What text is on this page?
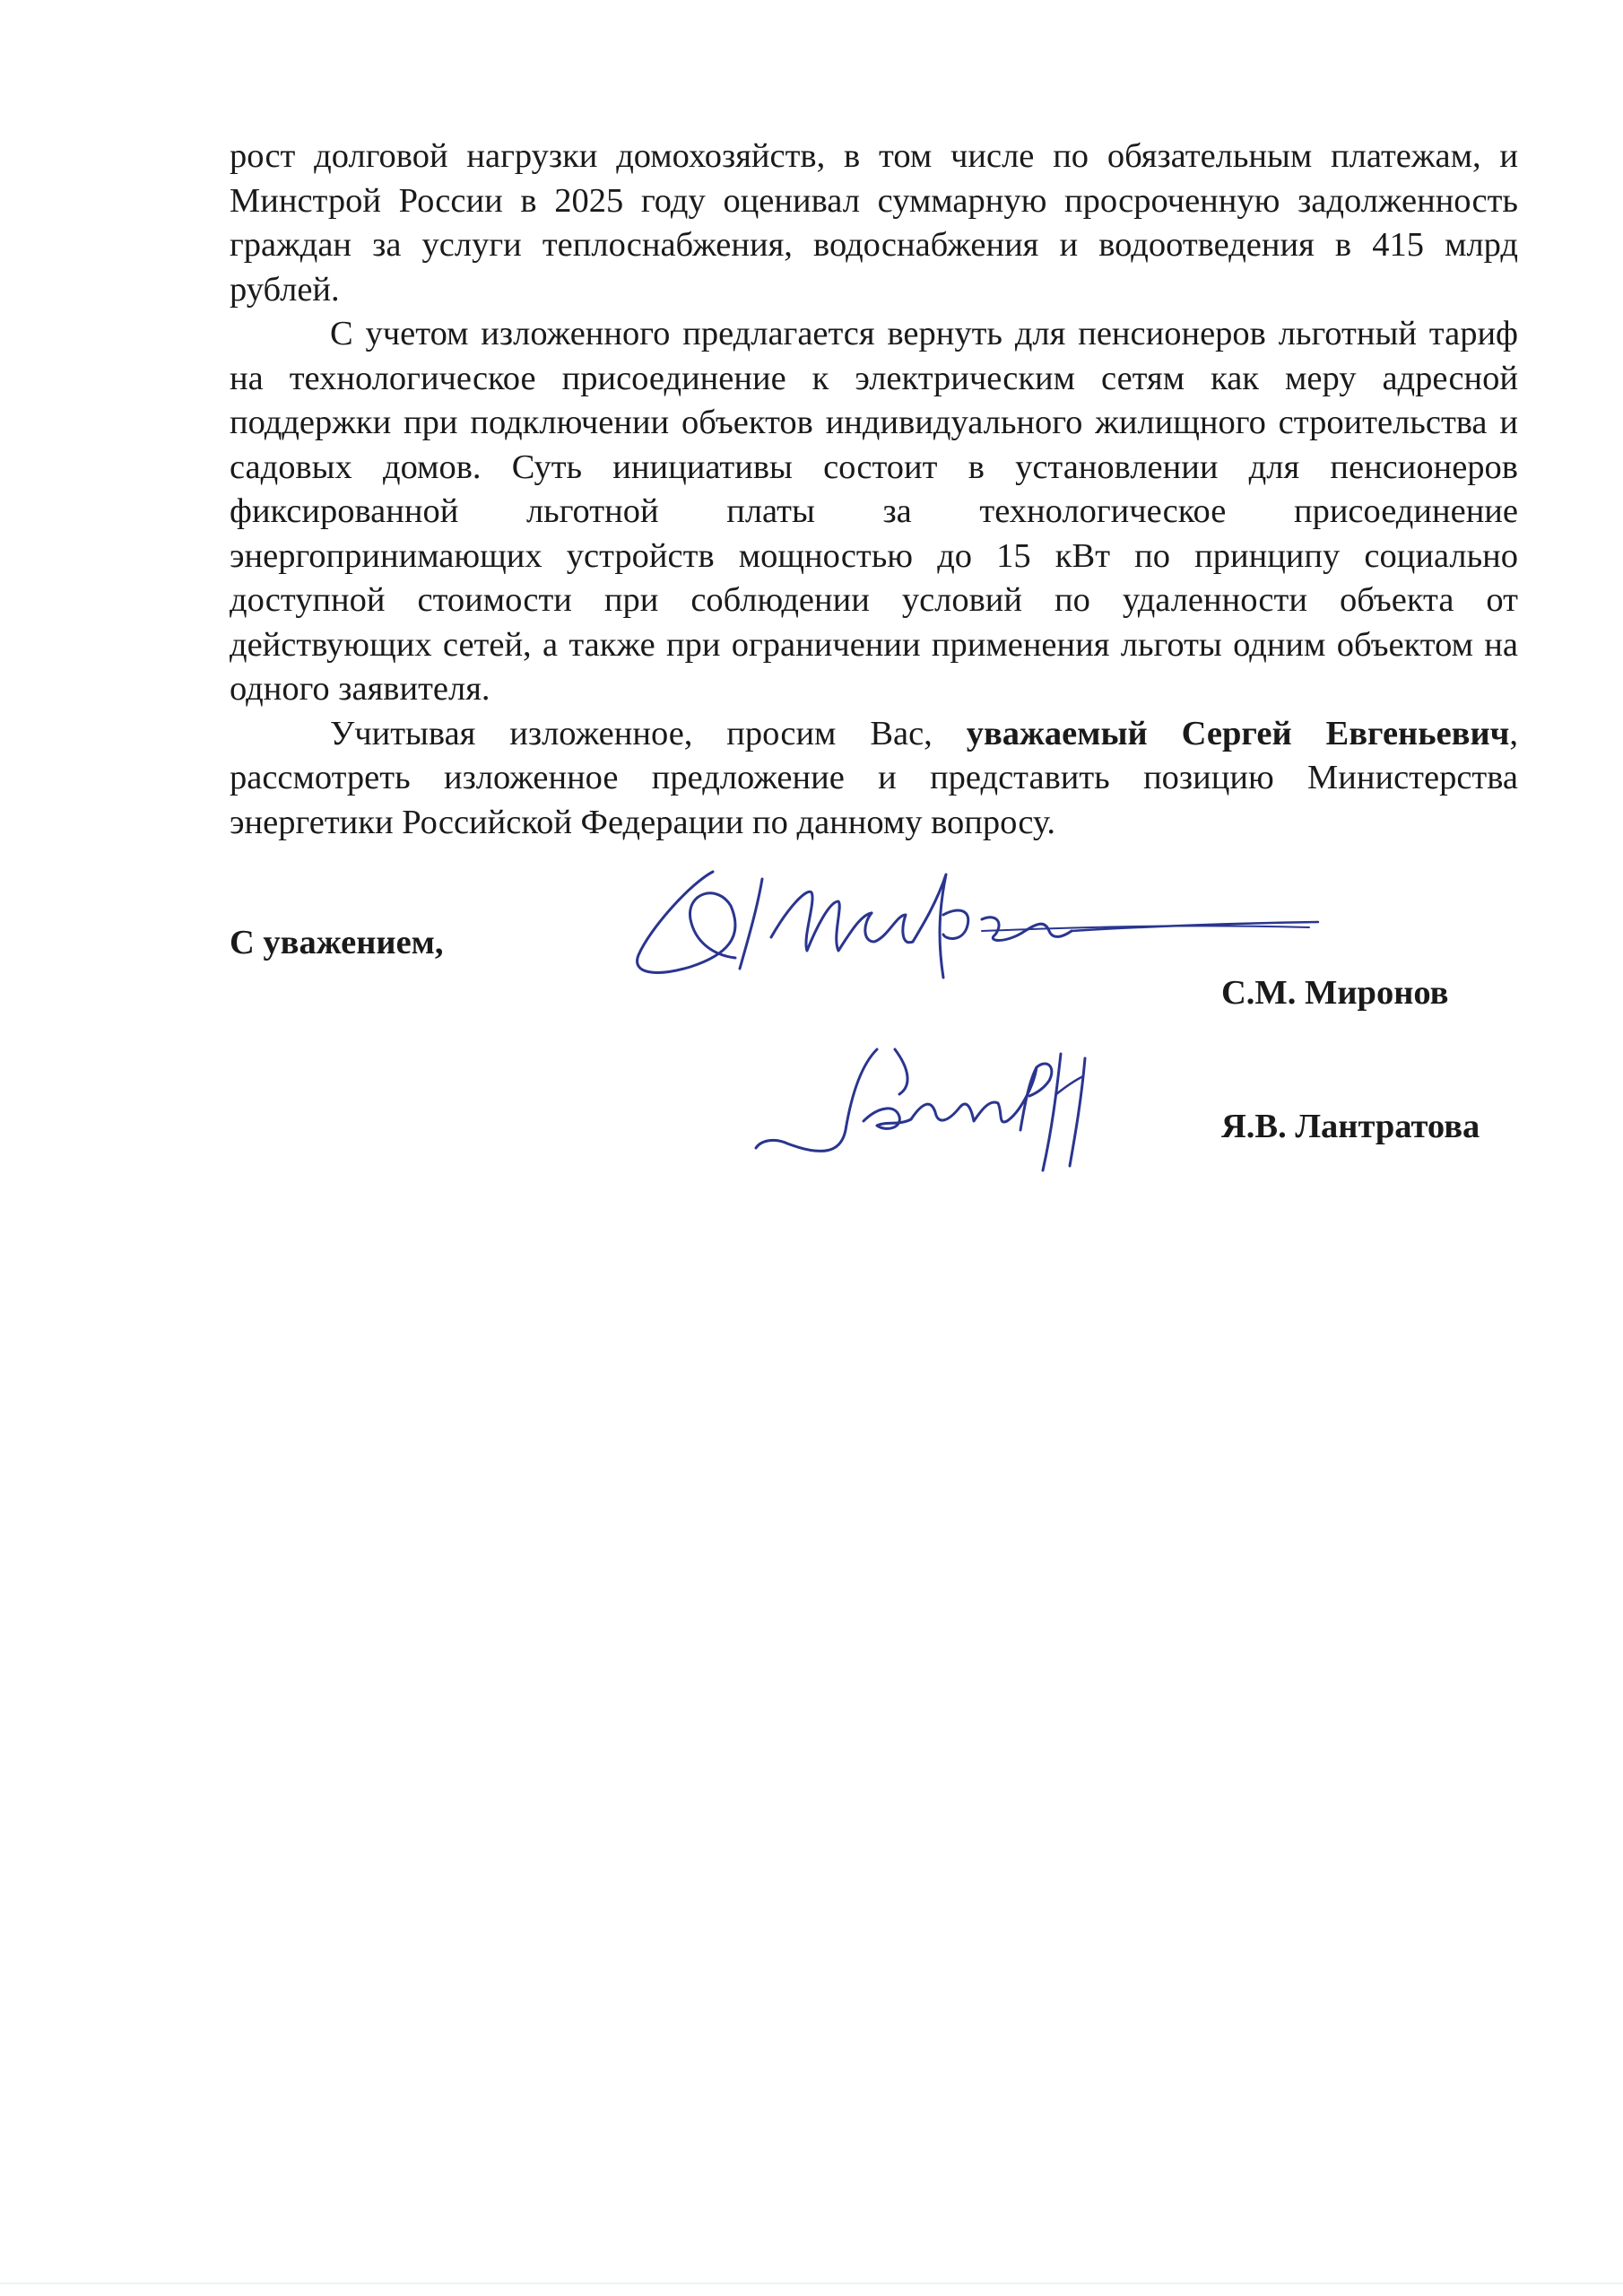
рост долговой нагрузки домохозяйств, в том числе по обязательным платежам, и Минстрой России в 2025 году оценивал суммарную просроченную задолженность граждан за услуги теплоснабжения, водоснабжения и водоотведения в 415 млрд рублей.

С учетом изложенного предлагается вернуть для пенсионеров льготный тариф на технологическое присоединение к электрическим сетям как меру адресной поддержки при подключении объектов индивидуального жилищного строительства и садовых домов. Суть инициативы состоит в установлении для пенсионеров фиксированной льготной платы за технологическое присоединение энергопринимающих устройств мощностью до 15 кВт по принципу социально доступной стоимости при соблюдении условий по удаленности объекта от действующих сетей, а также при ограничении применения льготы одним объектом на одного заявителя.

Учитывая изложенное, просим Вас, уважаемый Сергей Евгеньевич, рассмотреть изложенное предложение и представить позицию Министерства энергетики Российской Федерации по данному вопросу.

С уважением,
С.М. Миронов
Я.В. Лантратова
